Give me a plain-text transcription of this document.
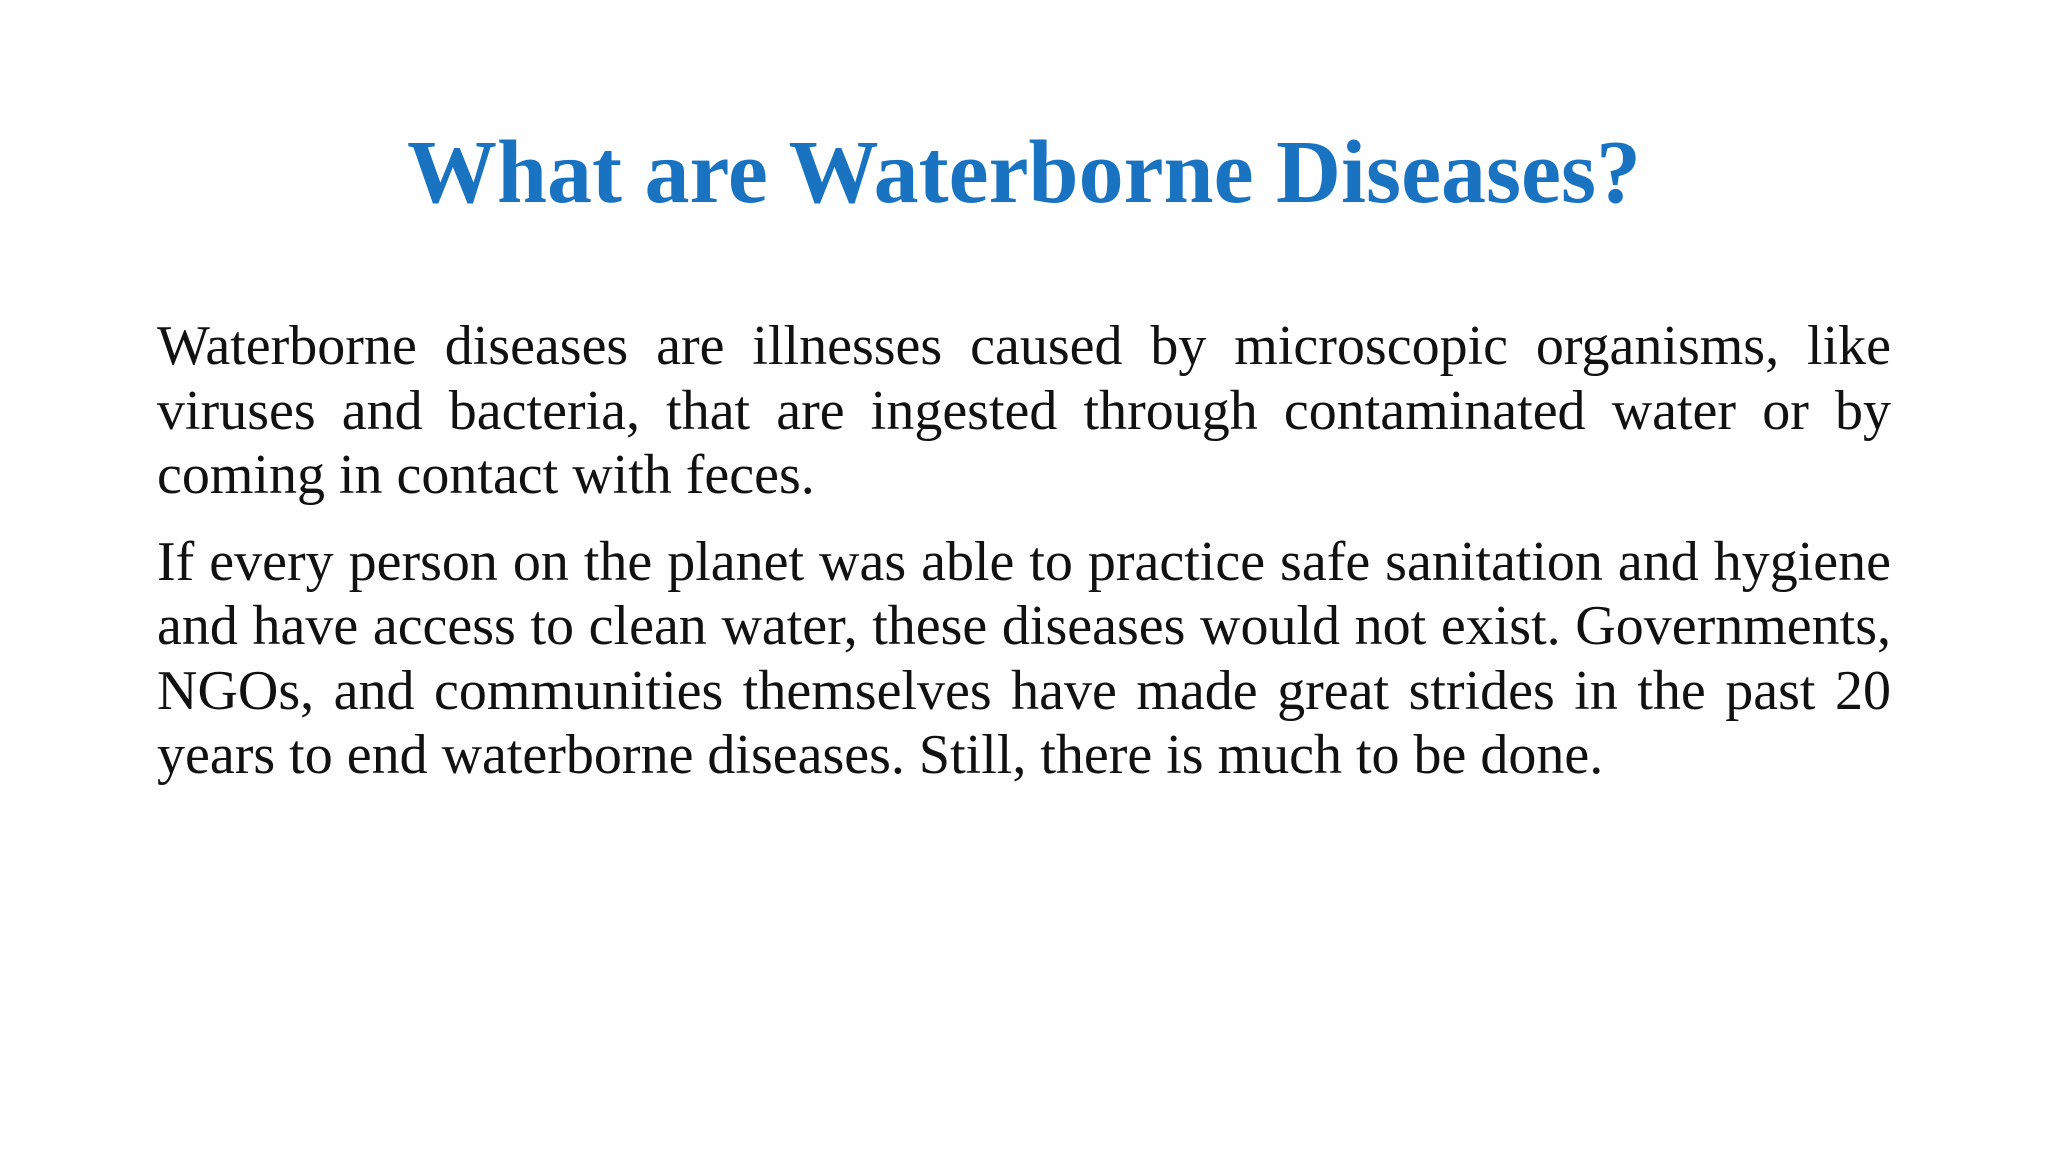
What are Waterborne Diseases?

Waterborne diseases are illnesses caused by microscopic organisms, like viruses and bacteria, that are ingested through contaminated water or by coming in contact with feces.

If every person on the planet was able to practice safe sanitation and hygiene and have access to clean water, these diseases would not exist. Governments, NGOs, and communities themselves have made great strides in the past 20 years to end waterborne diseases. Still, there is much to be done.
